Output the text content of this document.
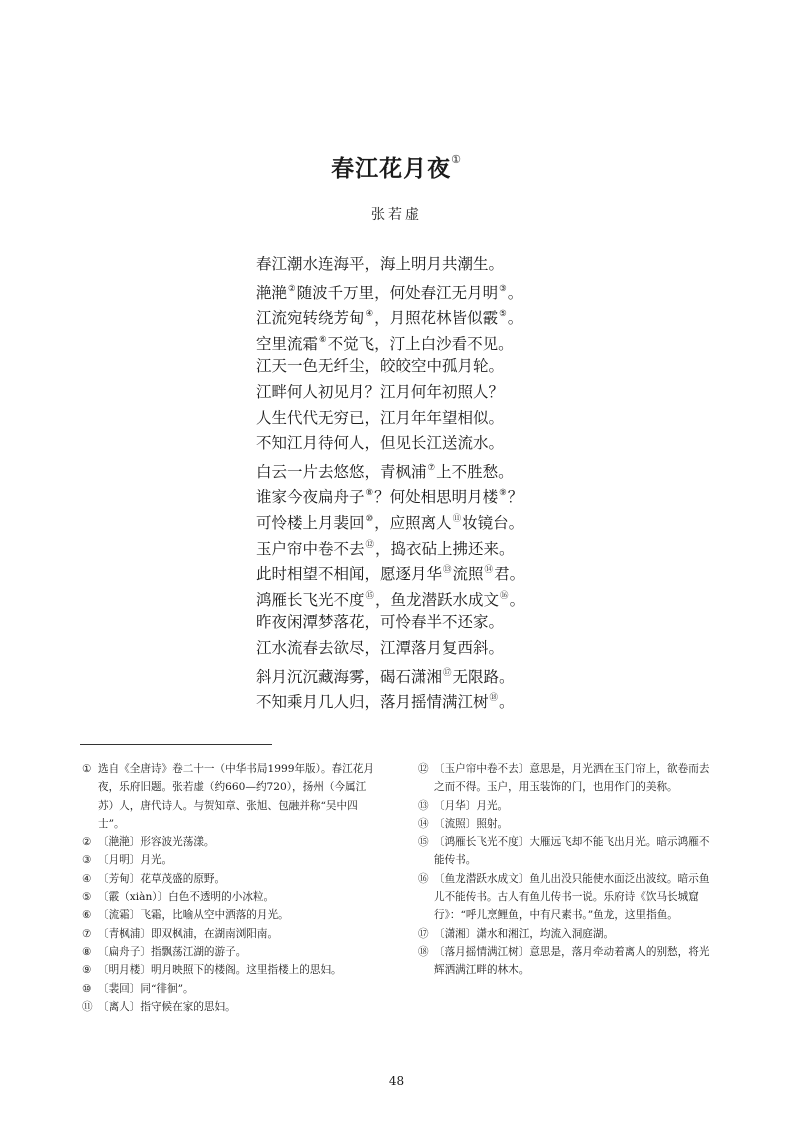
春江花月夜①
张若虚
春江潮水连海平，海上明月共潮生。
滟滟②随波千万里，何处春江无月明③。
江流宛转绕芳甸④，月照花林皆似霰⑤。
空里流霜⑥不觉飞，汀上白沙看不见。
江天一色无纤尘，皎皎空中孤月轮。
江畔何人初见月？江月何年初照人？
人生代代无穷已，江月年年望相似。
不知江月待何人，但见长江送流水。
白云一片去悠悠，青枫浦⑦上不胜愁。
谁家今夜扁舟子⑧？何处相思明月楼⑨？
可怜楼上月裴回⑩，应照离人⑪妆镜台。
玉户帘中卷不去⑫，捣衣砧上拂还来。
此时相望不相闻，愿逐月华⑬流照⑭君。
鸿雁长飞光不度⑮，鱼龙潜跃水成文⑯。
昨夜闲潭梦落花，可怜春半不还家。
江水流春去欲尽，江潭落月复西斜。
斜月沉沉藏海雾，碣石潇湘⑰无限路。
不知乘月几人归，落月摇情满江树⑱。
① 选自《全唐诗》卷二十一（中华书局1999年版）。春江花月夜，乐府旧题。张若虚（约660—约720），扬州（今属江苏）人，唐代诗人。与贺知章、张旭、包融并称“吴中四士”。
② 〔滟滟〕形容波光荡漾。
③ 〔月明〕月光。
④ 〔芳甸〕花草茂盛的原野。
⑤ 〔霰（xiàn）〕白色不透明的小冰粒。
⑥ 〔流霜〕飞霜，比喻从空中洒落的月光。
⑦ 〔青枫浦〕即双枫浦，在湖南浏阳南。
⑧ 〔扁舟子〕指飘荡江湖的游子。
⑨ 〔明月楼〕明月映照下的楼阁。这里指楼上的思妇。
⑩ 〔裴回〕同“徘徊”。
⑪ 〔离人〕指守候在家的思妇。
⑫ 〔玉户帘中卷不去〕意思是，月光洒在玉门帘上，欲卷而去之而不得。玉户，用玉装饰的门，也用作门的美称。
⑬ 〔月华〕月光。
⑭ 〔流照〕照射。
⑮ 〔鸿雁长飞光不度〕大雁远飞却不能飞出月光。暗示鸿雁不能传书。
⑯ 〔鱼龙潜跃水成文〕鱼儿出没只能使水面泛出波纹。暗示鱼儿不能传书。古人有鱼儿传书一说。乐府诗《饮马长城窟行》：“呼儿烹鲤鱼，中有尺素书。”鱼龙，这里指鱼。
⑰ 〔潇湘〕潇水和湘江，均流入洞庭湖。
⑱ 〔落月摇情满江树〕意思是，落月牵动着离人的别愁，将光辉洒满江畔的林木。
48
